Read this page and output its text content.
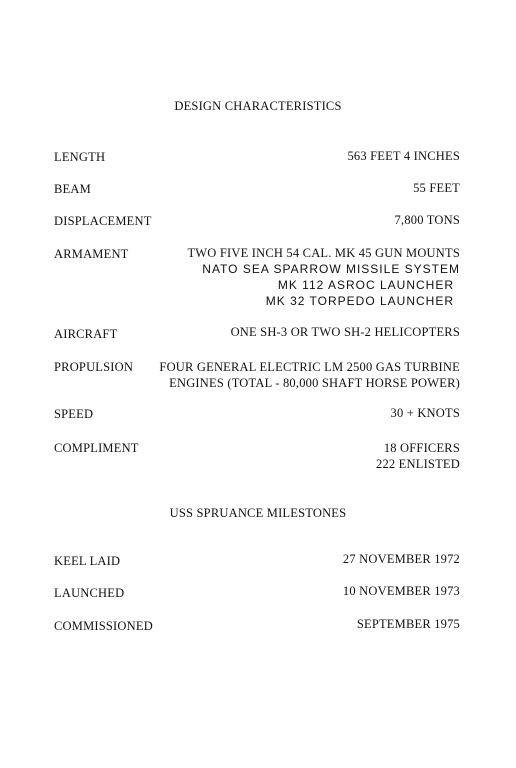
DESIGN CHARACTERISTICS
LENGTH	563 FEET 4 INCHES
BEAM	55 FEET
DISPLACEMENT	7,800 TONS
ARMAMENT	TWO FIVE INCH 54 CAL. MK 45 GUN MOUNTS
NATO SEA SPARROW MISSILE SYSTEM
MK 112 ASROC LAUNCHER
MK 32 TORPEDO LAUNCHER
AIRCRAFT	ONE SH-3 OR TWO SH-2 HELICOPTERS
PROPULSION FOUR GENERAL ELECTRIC LM 2500 GAS TURBINE
ENGINES (TOTAL - 80,000 SHAFT HORSE POWER)
SPEED	30 + KNOTS
COMPLIMENT	18 OFFICERS
222 ENLISTED
USS SPRUANCE MILESTONES
KEEL LAID	27 NOVEMBER 1972
LAUNCHED	10 NOVEMBER 1973
COMMISSIONED	SEPTEMBER 1975
